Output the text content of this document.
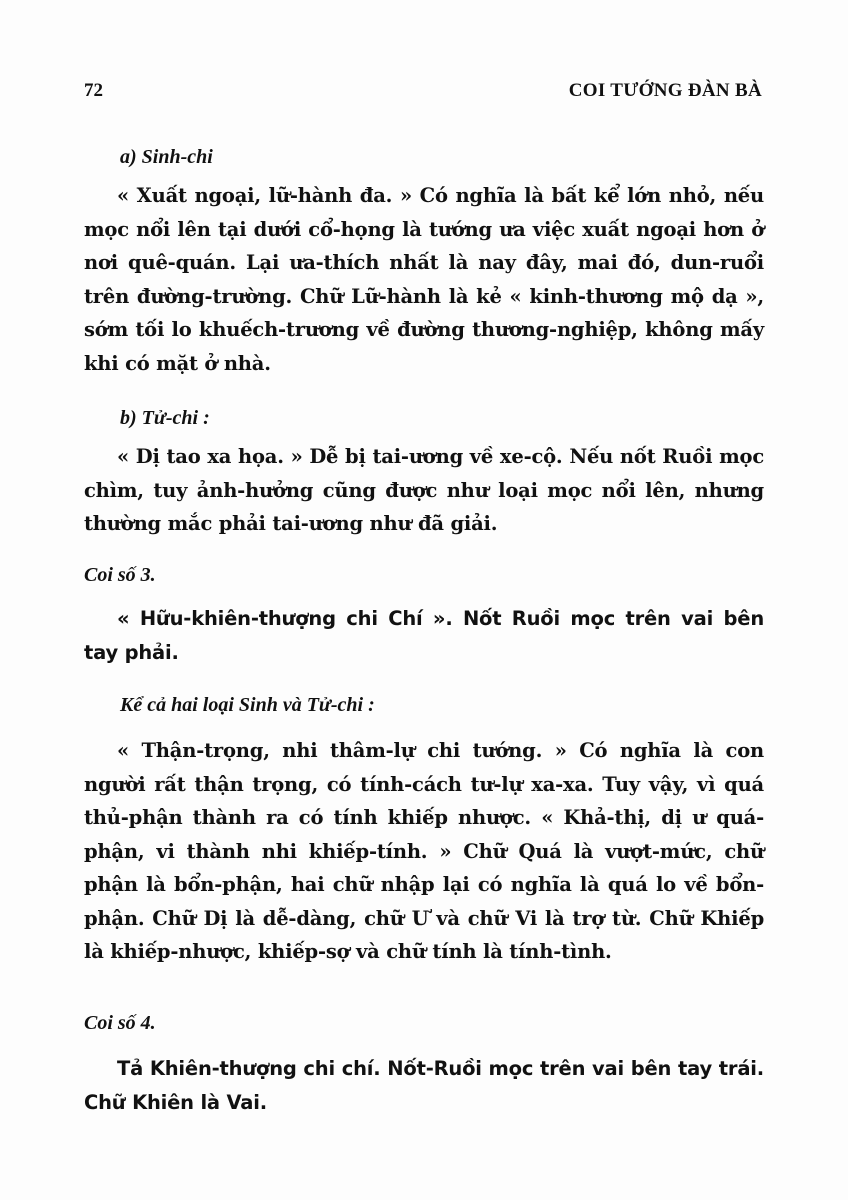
72	COI TƯỚNG ĐÀN BÀ
a) Sinh-chi
« Xuất ngoại, lữ-hành đa. » Có nghĩa là bất kể lớn nhỏ, nếu mọc nổi lên tại dưới cổ-họng là tướng ưa việc xuất ngoại hơn ở nơi quê-quán. Lại ưa-thích nhất là nay đây, mai đó, dun-ruổi trên đường-trường. Chữ Lữ-hành là kẻ « kinh-thương mộ dạ », sớm tối lo khuếch-trương về đường thương-nghiệp, không mấy khi có mặt ở nhà.
b) Tử-chi :
« Dị tao xa họa. » Dễ bị tai-ương về xe-cộ. Nếu nốt Ruồi mọc chìm, tuy ảnh-hưởng cũng được như loại mọc nổi lên, nhưng thường mắc phải tai-ương như đã giải.
Coi số 3.
« Hữu-khiên-thượng chi Chí ». Nốt Ruồi mọc trên vai bên tay phải.
Kể cả hai loại Sinh và Tử-chi :
« Thận-trọng, nhi thâm-lự chi tướng. » Có nghĩa là con người rất thận trọng, có tính-cách tư-lự xa-xa. Tuy vậy, vì quá thủ-phận thành ra có tính khiếp nhược. « Khả-thị, dị ư quá-phận, vi thành nhi khiếp-tính. » Chữ Quá là vượt-mức, chữ phận là bổn-phận, hai chữ nhập lại có nghĩa là quá lo về bổn-phận. Chữ Dị là dễ-dàng, chữ Ư và chữ Vi là trợ từ. Chữ Khiếp là khiếp-nhược, khiếp-sợ và chữ tính là tính-tình.
Coi số 4.
Tả Khiên-thượng chi chí. Nốt-Ruồi mọc trên vai bên tay trái. Chữ Khiên là Vai.
